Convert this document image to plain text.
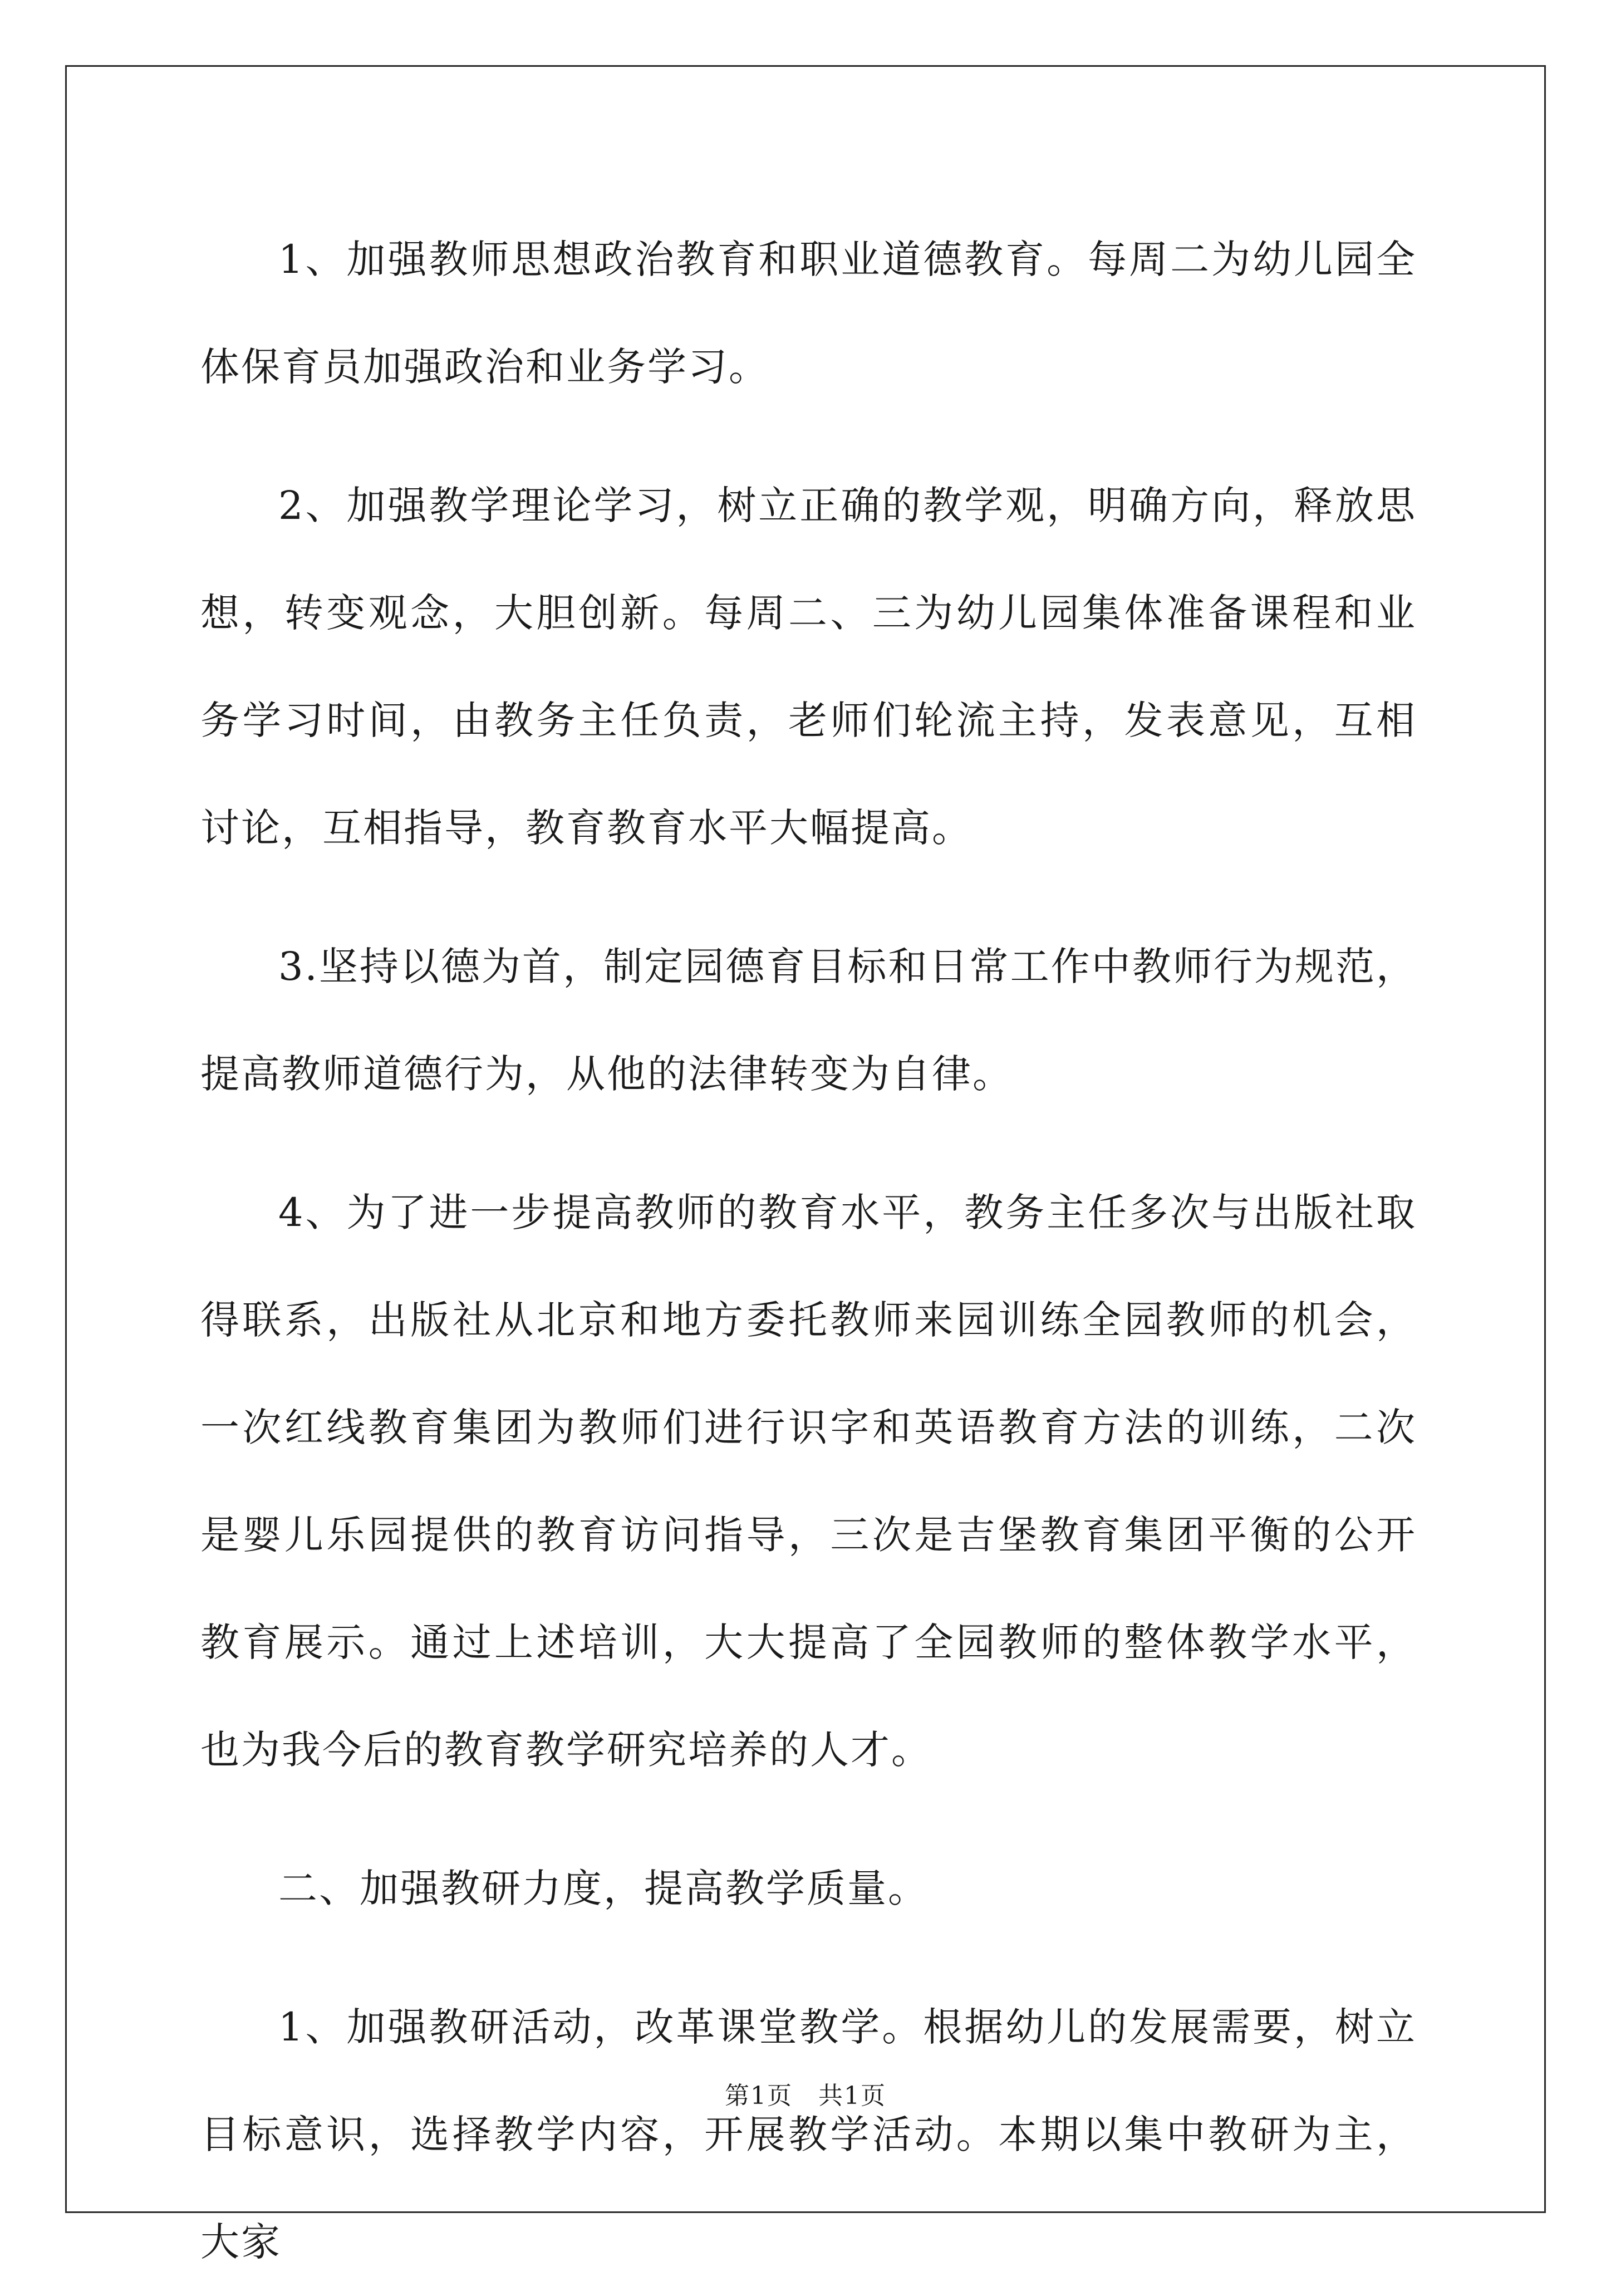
1、加强教师思想政治教育和职业道德教育。每周二为幼儿园全体保育员加强政治和业务学习。

2、加强教学理论学习，树立正确的教学观，明确方向，释放思想，转变观念，大胆创新。每周二、三为幼儿园集体准备课程和业务学习时间，由教务主任负责，老师们轮流主持，发表意见，互相讨论，互相指导，教育教育水平大幅提高。

3.坚持以德为首，制定园德育目标和日常工作中教师行为规范，提高教师道德行为，从他的法律转变为自律。

4、为了进一步提高教师的教育水平，教务主任多次与出版社取得联系，出版社从北京和地方委托教师来园训练全园教师的机会，一次红线教育集团为教师们进行识字和英语教育方法的训练，二次是婴儿乐园提供的教育访问指导，三次是吉堡教育集团平衡的公开教育展示。通过上述培训，大大提高了全园教师的整体教学水平，也为我今后的教育教学研究培养的人才。

二、加强教研力度，提高教学质量。

1、加强教研活动，改革课堂教学。根据幼儿的发展需要，树立目标意识，选择教学内容，开展教学活动。本期以集中教研为主，大家

第1页　共1页
